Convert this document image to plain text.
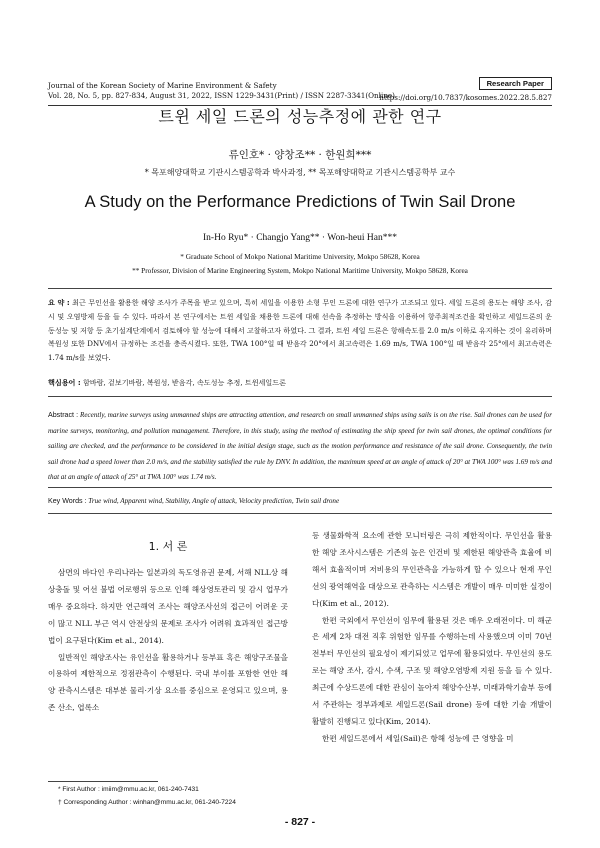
Journal of the Korean Society of Marine Environment & Safety
Vol. 28, No. 5, pp. 827-834, August 31, 2022, ISSN 1229-3431(Print) / ISSN 2287-3341(Online)
Research Paper
https://doi.org/10.7837/kosomes.2022.28.5.827
트윈 세일 드론의 성능추정에 관한 연구
류인호* · 양창조** · 한원희***
* 목포해양대학교 기관시스템공학과 박사과정, ** 목포해양대학교 기관시스템공학부 교수
A Study on the Performance Predictions of Twin Sail Drone
In-Ho Ryu* · Changjo Yang** · Won-heui Han***
* Graduate School of Mokpo National Maritime University, Mokpo 58628, Korea
** Professor, Division of Marine Engineering System, Mokpo National Maritime University, Mokpo 58628, Korea
요 약 : 최근 무인선을 활용한 해양 조사가 주목을 받고 있으며, 특히 세일을 이용한 소형 무인 드론에 대한 연구가 고조되고 있다. 세일 드론의 용도는 해양 조사, 감시 및 오염방제 등을 들 수 있다. 따라서 본 연구에서는 트윈 세일을 채용한 드론에 대해 선속을 추정하는 방식을 이용하여 항주최적조건을 확인하고 세일드론의 운동성능 및 저항 등 초기설계단계에서 검토해야 할 성능에 대해서 고찰하고자 하였다. 그 결과, 트윈 세일 드론은 항해속도를 2.0 m/s 이하로 유지하는 것이 유리하며 복원성 또한 DNV에서 규정하는 조건을 충족시켰다. 또한, TWA 100°일 때 받음각 20°에서 최고속력은 1.69 m/s, TWA 100°일 때 받음각 25°에서 최고속력은 1.74 m/s를 보였다.
핵심용어 : 함바람, 겉보기바람, 복원성, 받음각, 속도성능 추정, 트윈세일드론
Abstract : Recently, marine surveys using unmanned ships are attracting attention, and research on small unmanned ships using sails is on the rise. Sail drones can be used for marine surveys, monitoring, and pollution management. Therefore, in this study, using the method of estimating the ship speed for twin sail drones, the optimal conditions for sailing are checked, and the performance to be considered in the initial design stage, such as the motion performance and resistance of the sail drone. Consequently, the twin sail drone had a speed lower than 2.0 m/s, and the stability satisfied the rule by DNV. In addition, the maximum speed at an angle of attack of 20° at TWA 100° was 1.69 m/s and that at an angle of attack of 25° at TWA 100° was 1.74 m/s.
Key Words : True wind, Apparent wind, Stability, Angle of attack, Velocity prediction, Twin sail drone
1. 서 론

삼면의 바다인 우리나라는 일본과의 독도영유권 문제, 서해 NLL상 해상충돌 및 어선 불법 어로행위 등으로 인해 해상영토관리 및 감시 업무가 매우 중요하다. 하지만 연근해역 조사는 해양조사선의 접근이 어려운 곳이 많고 NLL 부근 역시 안전상의 문제로 조사가 어려워 효과적인 접근방법이 요구된다(Kim et al., 2014).

일반적인 해양조사는 유인선을 활용하거나 등부표 혹은 해양구조물을 이용하여 제한적으로 정점관측이 수행된다. 국내 부이를 포함한 연안 해양 관측시스템은 대부분 물리·기상 요소를 중심으로 운영되고 있으며, 용존 산소, 엽록소

등 생물화학적 요소에 관한 모니터링은 극히 제한적이다. 무인선을 활용한 해양 조사시스템은 기존의 높은 인건비 및 제한된 해양관측 효율에 비해서 효율적이며 저비용의 무인관측을 가능하게 할 수 있으나 현재 무인선의 광역해역을 대상으로 관측하는 시스템은 개발이 매우 미미한 실정이다(Kim et al., 2012).

한편 국외에서 무인선이 임무에 활용된 것은 매우 오래전이다. 미 해군은 세계 2차 대전 직후 위험한 임무를 수행하는데 사용했으며 이미 70년 전부터 무인선의 필요성이 제기되었고 업무에 활용되었다. 무인선의 용도로는 해양 조사, 감시, 수색, 구조 및 해양오염방제 지원 등을 들 수 있다. 최근에 수상드론에 대한 관심이 높아져 해양수산부, 미래과학기술부 등에서 주관하는 정부과제로 세일드론(Sail drone) 등에 대한 기술 개발이 활발히 진행되고 있다(Kim, 2014).

한편 세일드론에서 세일(Sail)은 항해 성능에 큰 영향을 미

* First Author : imiim@mmu.ac.kr, 061-240-7431
† Corresponding Author : winhan@mmu.ac.kr, 061-240-7224
- 827 -
